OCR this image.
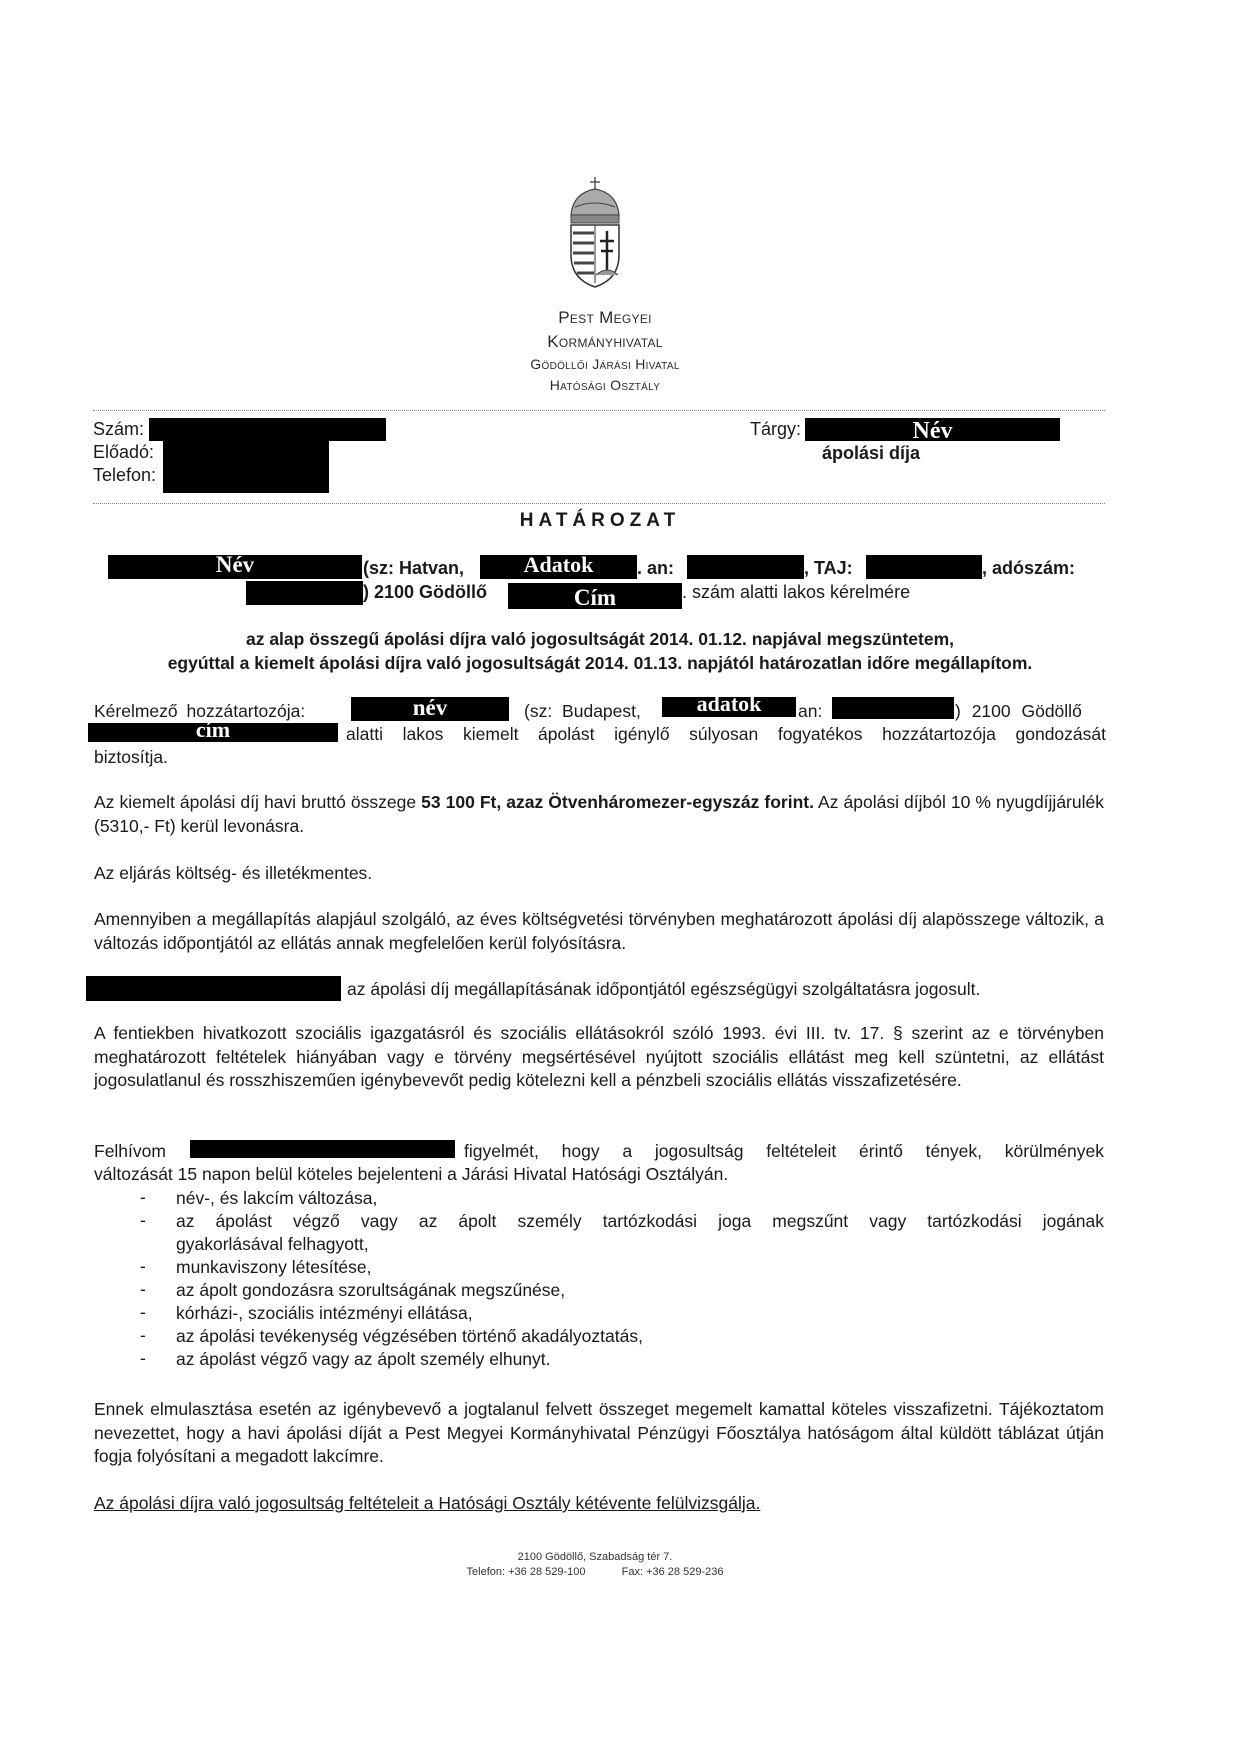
Pest Megyei
Kormányhivatal
Gödöllői Járási Hivatal
Hatósági Osztály
Szám:
Előadó:
Telefon:
Tárgy:	Név
ápolási díja
HATÁROZAT
Név	(sz: Hatvan,	Adatok	. an:	, TAJ:	, adószám:
) 2100 Gödöllő	Cím	. szám alatti lakos kérelmére
az alap összegű ápolási díjra való jogosultságát 2014. 01.12. napjával megszüntetem,
egyúttal a kiemelt ápolási díjra való jogosultságát 2014. 01.13. napjától határozatlan időre megállapítom.
Kérelmező hozzátartozója:	név	(sz: Budapest,	adatok	an:	) 2100 Gödöllő
cím	alatti lakos kiemelt ápolást igénylő súlyosan fogyatékos hozzátartozója gondozását
biztosítja.
Az kiemelt ápolási díj havi bruttó összege 53 100 Ft, azaz Ötvenháromezer-egyszáz forint. Az ápolási díjból 10 % nyugdíjjárulék (5310,- Ft) kerül levonásra.
Az eljárás költség- és illetékmentes.
Amennyiben a megállapítás alapjául szolgáló, az éves költségvetési törvényben meghatározott ápolási díj alapösszege változik, a változás időpontjától az ellátás annak megfelelően kerül folyósításra.
az ápolási díj megállapításának időpontjától egészségügyi szolgáltatásra jogosult.
A fentiekben hivatkozott szociális igazgatásról és szociális ellátásokról szóló 1993. évi III. tv. 17. § szerint az e törvényben meghatározott feltételek hiányában vagy e törvény megsértésével nyújtott szociális ellátást meg kell szüntetni, az ellátást jogosulatlanul és rosszhiszeműen igénybevevőt pedig kötelezni kell a pénzbeli szociális ellátás visszafizetésére.
Felhívom	figyelmét, hogy a jogosultság feltételeit érintő tények, körülmények
változását 15 napon belül köteles bejelenteni a Járási Hivatal Hatósági Osztályán.
- név-, és lakcím változása,
- az ápolást végző vagy az ápolt személy tartózkodási joga megszűnt vagy tartózkodási jogának
gyakorlásával felhagyott,
- munkaviszony létesítése,
- az ápolt gondozásra szorultságának megszűnése,
- kórházi-, szociális intézményi ellátása,
- az ápolási tevékenység végzésében történő akadályoztatás,
- az ápolást végző vagy az ápolt személy elhunyt.
Ennek elmulasztása esetén az igénybevevő a jogtalanul felvett összeget megemelt kamattal köteles visszafizetni. Tájékoztatom nevezettet, hogy a havi ápolási díját a Pest Megyei Kormányhivatal Pénzügyi Főosztálya hatóságom által küldött táblázat útján fogja folyósítani a megadott lakcímre.
Az ápolási díjra való jogosultság feltételeit a Hatósági Osztály kétévente felülvizsgálja.
2100 Gödöllő, Szabadság tér 7.
Telefon: +36 28 529-100	Fax: +36 28 529-236
